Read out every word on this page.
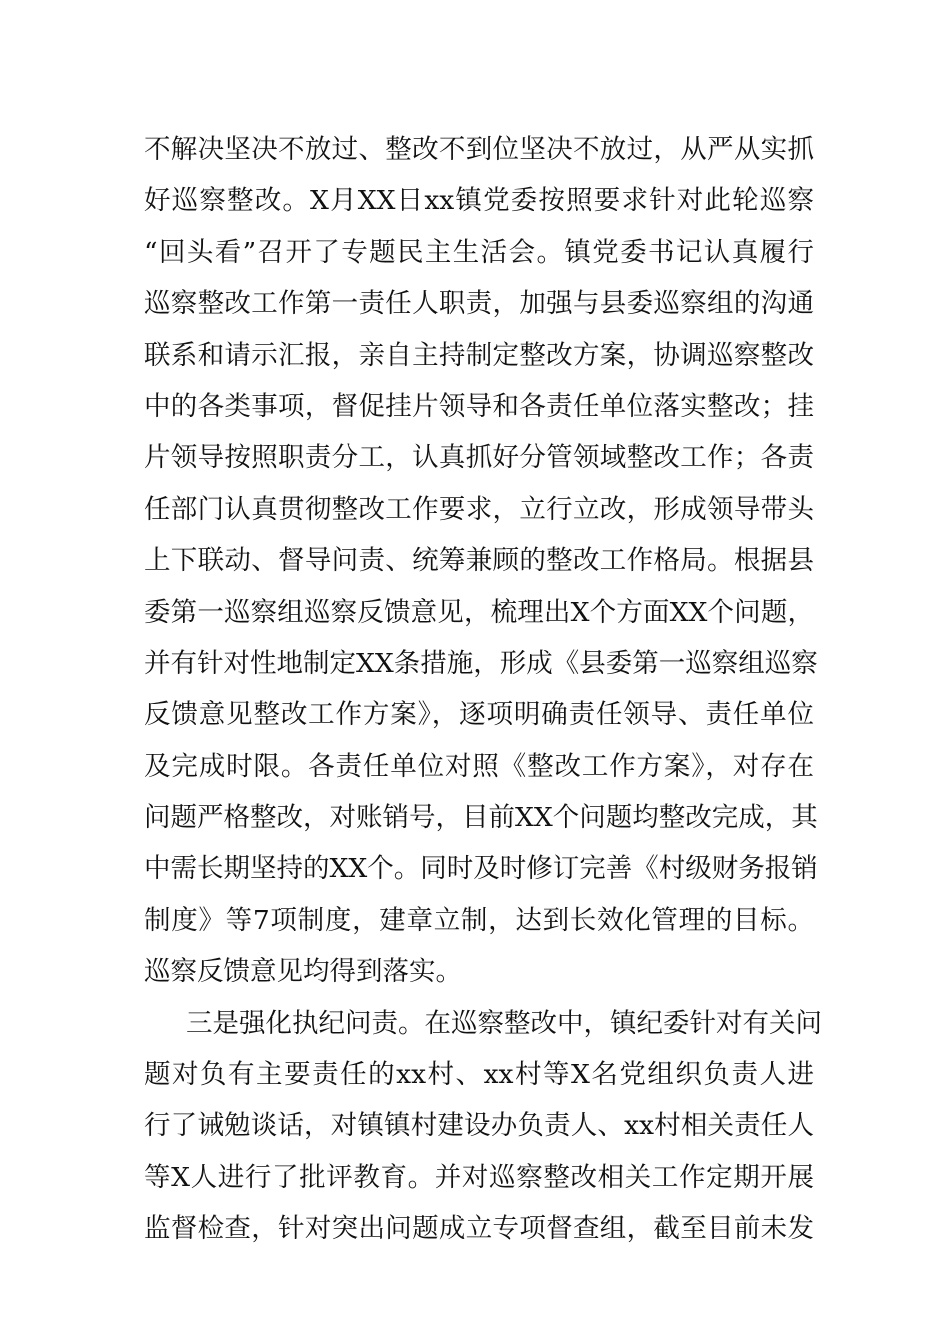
不解决坚决不放过、整改不到位坚决不放过，从严从实抓
好巡察整改。X月XX日xx镇党委按照要求针对此轮巡察
“回头看”召开了专题民主生活会。镇党委书记认真履行
巡察整改工作第一责任人职责，加强与县委巡察组的沟通
联系和请示汇报，亲自主持制定整改方案，协调巡察整改
中的各类事项，督促挂片领导和各责任单位落实整改；挂
片领导按照职责分工，认真抓好分管领域整改工作；各责
任部门认真贯彻整改工作要求，立行立改，形成领导带头
上下联动、督导问责、统筹兼顾的整改工作格局。根据县
委第一巡察组巡察反馈意见，梳理出X个方面XX个问题，
并有针对性地制定XX条措施，形成《县委第一巡察组巡察
反馈意见整改工作方案》，逐项明确责任领导、责任单位
及完成时限。各责任单位对照《整改工作方案》，对存在
问题严格整改，对账销号，目前XX个问题均整改完成，其
中需长期坚持的XX个。同时及时修订完善《村级财务报销
制度》等7项制度，建章立制，达到长效化管理的目标。
巡察反馈意见均得到落实。
三是强化执纪问责。在巡察整改中，镇纪委针对有关问
题对负有主要责任的xx村、xx村等X名党组织负责人进
行了诫勉谈话，对镇镇村建设办负责人、xx村相关责任人
等X人进行了批评教育。并对巡察整改相关工作定期开展
监督检查，针对突出问题成立专项督查组，截至目前未发
